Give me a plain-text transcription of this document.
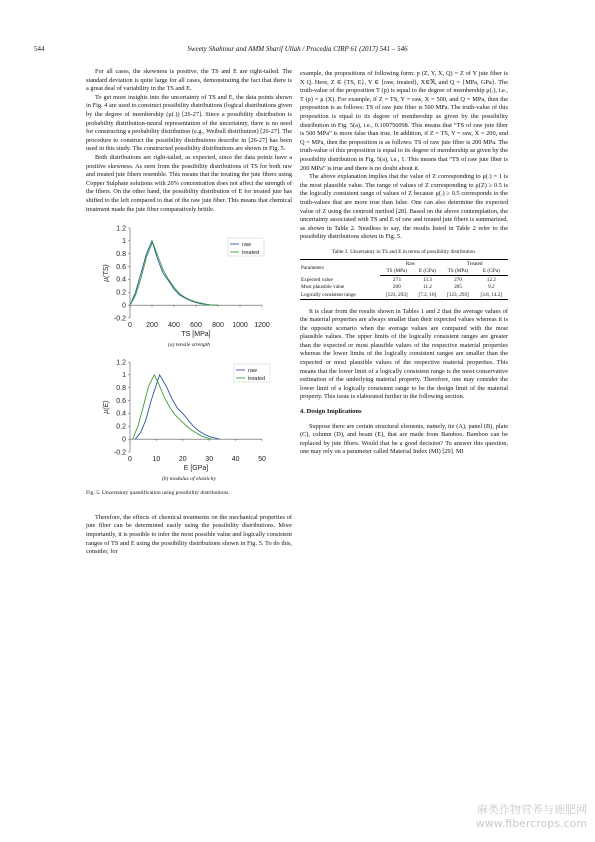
544	Sweety Shahinur and AMM Sharif Ullah / Procedia CIRP 61 (2017) 541 – 546

For all cases, the skewness is positive, the TS and E are right-tailed. The standard deviation is quite large for all cases, demonstrating the fact that there is a great deal of variability in the TS and E.

To get more insights into the uncertainty of TS and E, the data points shown in Fig. 4 are used to construct possibility distributions (logical distributions given by the degree of membership (μ(.)) [26-27]. Since a possibility distribution is probability distribution-neural representation of the uncertainty, there is no need for constructing a probability distribution (e.g., Weibull distribution) [26-27]. The procedure to construct the possibility distributions describe in [26-27] has been used in this study. The constructed possibility distributions are shown in Fig. 5.

Both distributions are right-tailed, as expected, since the data points have a positive skewness. As seen from the possibility distributions of TS for both raw and treated jute fibers resemble. This means that the treating the jute fibers using Copper Sulphate solutions with 20% concentration does not affect the strength of the fibers. On the other hand, the possibility distribution of E for treated jute has shifted to the left compared to that of the raw jute fiber. This means that chemical treatment made the jute fiber comparatively brittle.

-0.2
0
0.2
0.4
0.6
0.8
1
1.2
0 200 400 600 800 1000 1200
TS [MPa]
μ(TS)
raw
treated
(a) tensile strength
-0.2
0
0.2
0.4
0.6
0.8
1
1.2
0	10	20	30	40	50
E [GPa]
μ(E)
raw
treated
(b) modulus of elasticity
Fig. 5. Uncertainty quantification using possibility distributions.

Therefore, the effects of chemical treatments on the mechanical properties of jute fiber can be determined easily using the possibility distributions. More importantly, it is possible to infer the most possible value and logically consistent ranges of TS and E using the possibility distributions shown in Fig. 5. To do this, consider, for

example, the propositions of following form: p (Z, Y, X, Q) = Z of Y jute fiber is X Q. Here, Z ∈ {TS, E}, Y ∈ {raw, treated}, X∈ℜ, and Q = {MPa, GPa}. The truth-value of the proposition T (p) is equal to the degree of membership μ(.), i.e., T (p) = μ (X). For example, if Z = TS, Y = raw, X = 500, and Q = MPa, then the proposition is as follows: TS of raw jute fiber is 500 MPa. The truth-value of this proposition is equal to its degree of membership as given by the possibility distribution in Fig. 5(a), i.e., 0.109756098. This means that “TS of raw jute fiber is 500 MPa” is more false than true. In addition, if Z = TS, Y = raw, X = 200, and Q = MPa, then the proposition is as follows: TS of raw jute fiber is 200 MPa. The truth-value of this proposition is equal to its degree of membership as given by the possibility distribution in Fig. 5(a), i.e., 1. This means that “TS of raw jute fiber is 200 MPa” is true and there is no doubt about it.

The above explanation implies that the value of Z corresponding to μ(.) = 1 is the most plausible value. The range of values of Z corresponding to μ(Z) ≥ 0.5 is the logically consistent range of values of Z because μ(.) ≥ 0.5 corresponds to the truth-values that are more true than false. One can also determine the expected value of Z using the centroid method [28]. Based on the above contemplation, the uncertainty associated with TS and E of raw and treated jute fibers is summarized, as shown in Table 2. Needless to say, the results listed in Table 2 refer to the possibility distributions shown in Fig. 5.

Table 2. Uncertainty in TS and E in terms of possibility distribution.
Parameters	Raw		Treated	
	TS (MPa)	E (GPa)	TS (MPa)	E (GPa)
Expected value	273	13.3	270	12.2
Most plausible value	200	11.2	205	9.2
Logically consistent range	[123, 293]	[7.2, 16]	[123, 293]	[3.8, 14.2]

It is clear from the results shown in Tables 1 and 2 that the average values of the material properties are always smaller than their expected values whereas it is the opposite scenario when the average values are compared with the most plausible values. The upper limits of the logically consistent ranges are greater than the expected or most plausible values of the respective material properties whereas the lower limits of the logically consistent ranges are smaller than the expected or most plausible values of the respective material properties. This means that the lower limit of a logically consistent range is the most conservative estimation of the underlying material property. Therefore, one may consider the lower limit of a logically consistent range to be the design limit of the material property. This issue is elaborated further in the following section.

4. Design Implications

Suppose there are certain structural elements, namely, tie (A), panel (B), plate (C), column (D), and beam (E), that are made from Bamboo. Bamboo can be replaced by jute fibers. Would that be a good decision? To answer this question, one may rely on a parameter called Material Index (MI) [29]. MI

麻类作物营养与施肥网
www.fibercrops.com
